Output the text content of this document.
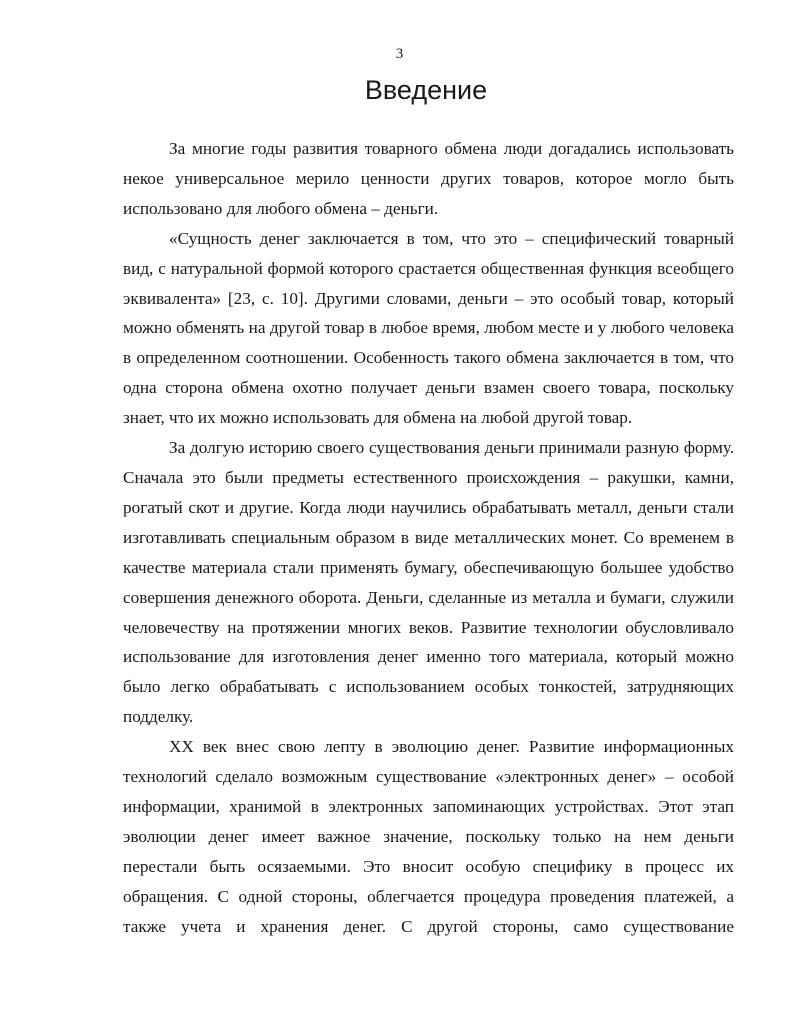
3
Введение

За многие годы развития товарного обмена люди догадались использовать некое универсальное мерило ценности других товаров, которое могло быть использовано для любого обмена – деньги.

«Сущность денег заключается в том, что это – специфический товарный вид, с натуральной формой которого срастается общественная функция всеобщего эквивалента» [23, с. 10]. Другими словами, деньги – это особый товар, который можно обменять на другой товар в любое время, любом месте и у любого человека в определенном соотношении. Особенность такого обмена заключается в том, что одна сторона обмена охотно получает деньги взамен своего товара, поскольку знает, что их можно использовать для обмена на любой другой товар.

За долгую историю своего существования деньги принимали разную форму. Сначала это были предметы естественного происхождения – ракушки, камни, рогатый скот и другие. Когда люди научились обрабатывать металл, деньги стали изготавливать специальным образом в виде металлических монет. Со временем в качестве материала стали применять бумагу, обеспечивающую большее удобство совершения денежного оборота. Деньги, сделанные из металла и бумаги, служили человечеству на протяжении многих веков. Развитие технологии обусловливало использование для изготовления денег именно того материала, который можно было легко обрабатывать с использованием особых тонкостей, затрудняющих подделку.

XX век внес свою лепту в эволюцию денег. Развитие информационных технологий сделало возможным существование «электронных денег» – особой информации, хранимой в электронных запоминающих устройствах. Этот этап эволюции денег имеет важное значение, поскольку только на нем деньги перестали быть осязаемыми. Это вносит особую специфику в процесс их обращения. С одной стороны, облегчается процедура проведения платежей, а также учета и хранения денег. С другой стороны, само существование
